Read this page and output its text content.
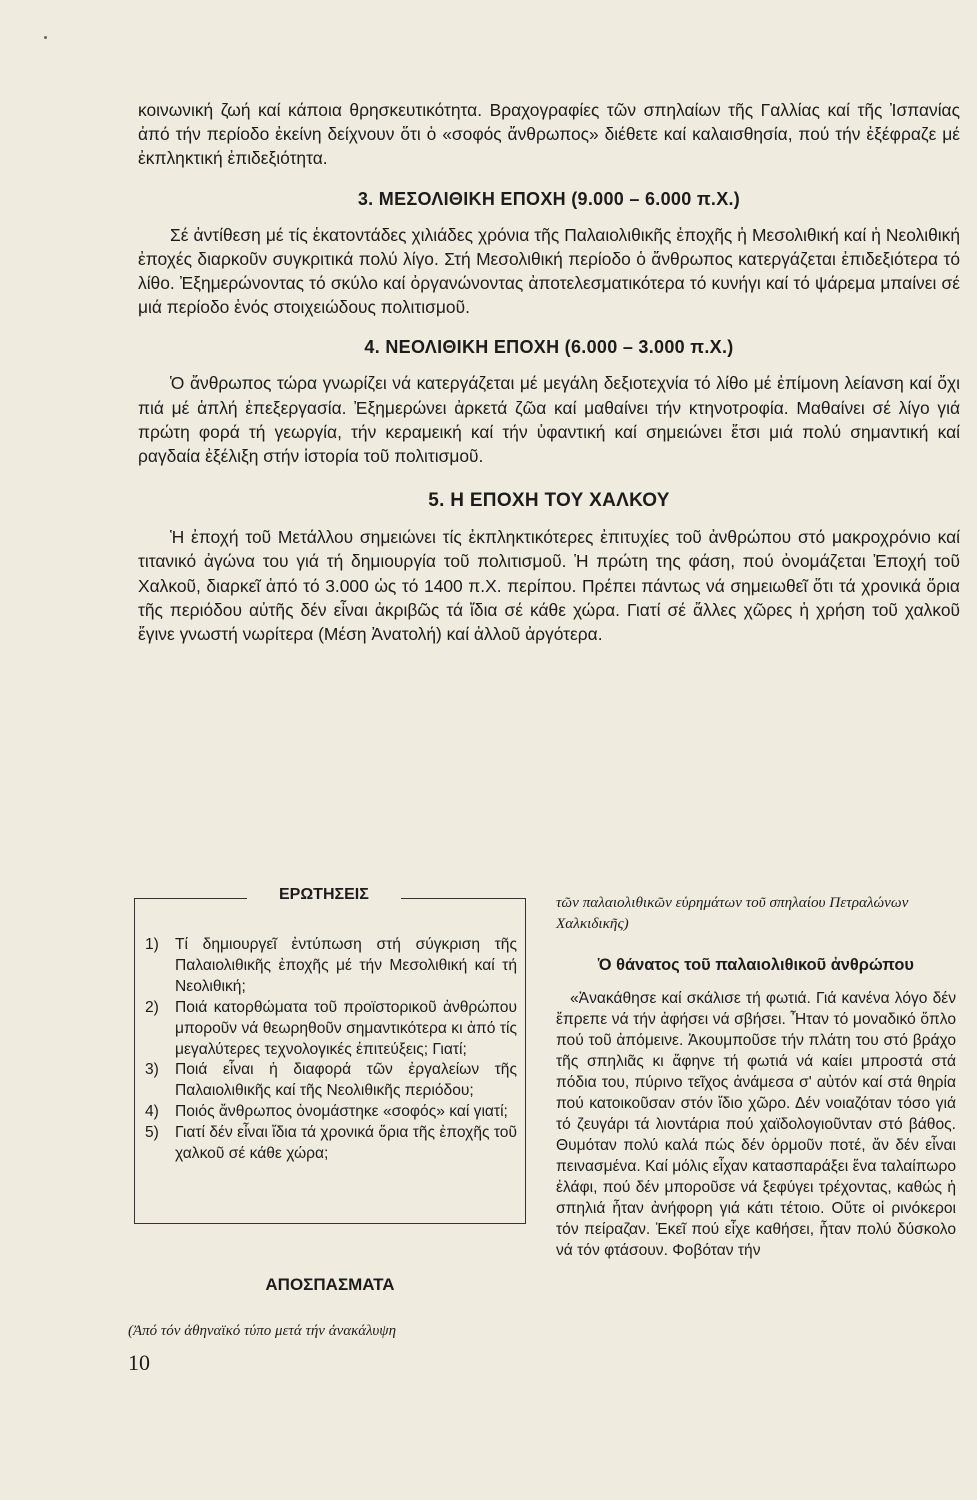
κοινωνική ζωή καί κάποια θρησκευτικότητα. Βραχογραφίες τῶν σπηλαίων τῆς Γαλλίας καί τῆς Ἰσπανίας ἀπό τήν περίοδο ἐκείνη δείχνουν ὅτι ὁ «σοφός ἄνθρωπος» διέθετε καί καλαισθησία, πού τήν ἐξέφραζε μέ ἐκπληκτική ἐπιδεξιότητα.

3. ΜΕΣΟΛΙΘΙΚΗ ΕΠΟΧΗ (9.000 – 6.000 π.Χ.)

Σέ ἀντίθεση μέ τίς ἑκατοντάδες χιλιάδες χρόνια τῆς Παλαιολιθικῆς ἐποχῆς ἡ Μεσολιθική καί ἡ Νεολιθική ἐποχές διαρκοῦν συγκριτικά πολύ λίγο. Στή Μεσολιθική περίοδο ὁ ἄνθρωπος κατεργάζεται ἐπιδεξιότερα τό λίθο. Ἐξημερώνοντας τό σκύλο καί ὀργανώνοντας ἀποτελεσματικότερα τό κυνήγι καί τό ψάρεμα μπαίνει σέ μιά περίοδο ἑνός στοιχειώδους πολιτισμοῦ.

4. ΝΕΟΛΙΘΙΚΗ ΕΠΟΧΗ (6.000 – 3.000 π.Χ.)

Ὁ ἄνθρωπος τώρα γνωρίζει νά κατεργάζεται μέ μεγάλη δεξιοτεχνία τό λίθο μέ ἐπίμονη λείανση καί ὄχι πιά μέ ἁπλή ἐπεξεργασία. Ἐξημερώνει ἀρκετά ζῶα καί μαθαίνει τήν κτηνοτροφία. Μαθαίνει σέ λίγο γιά πρώτη φορά τή γεωργία, τήν κεραμεική καί τήν ὑφαντική καί σημειώνει ἔτσι μιά πολύ σημαντική καί ραγδαία ἐξέλιξη στήν ἱστορία τοῦ πολιτισμοῦ.

5. Η ΕΠΟΧΗ ΤΟΥ ΧΑΛΚΟΥ

Ἡ ἐποχή τοῦ Μετάλλου σημειώνει τίς ἐκπληκτικότερες ἐπιτυχίες τοῦ ἀνθρώπου στό μακροχρόνιο καί τιτανικό ἀγώνα του γιά τή δημιουργία τοῦ πολιτισμοῦ. Ἡ πρώτη της φάση, πού ὀνομάζεται Ἐποχή τοῦ Χαλκοῦ, διαρκεῖ ἀπό τό 3.000 ὡς τό 1400 π.Χ. περίπου. Πρέπει πάντως νά σημειωθεῖ ὅτι τά χρονικά ὅρια τῆς περιόδου αὐτῆς δέν εἶναι ἀκριβῶς τά ἴδια σέ κάθε χώρα. Γιατί σέ ἄλλες χῶρες ἡ χρήση τοῦ χαλκοῦ ἔγινε γνωστή νωρίτερα (Μέση Ἀνατολή) καί ἀλλοῦ ἀργότερα.

ΕΡΩΤΗΣΕΙΣ
1)	Τί δημιουργεῖ ἐντύπωση στή σύγκριση τῆς Παλαιολιθικῆς ἐποχῆς μέ τήν Μεσολιθική καί τή Νεολιθική;
2)	Ποιά κατορθώματα τοῦ προϊστορικοῦ ἀνθρώπου μποροῦν νά θεωρηθοῦν σημαντικότερα κι ἀπό τίς μεγαλύτερες τεχνολογικές ἐπιτεύξεις; Γιατί;
3)	Ποιά εἶναι ἡ διαφορά τῶν ἐργαλείων τῆς Παλαιολιθικῆς καί τῆς Νεολιθικῆς περιόδου;
4)	Ποιός ἄνθρωπος ὀνομάστηκε «σοφός» καί γιατί;
5)	Γιατί δέν εἶναι ἴδια τά χρονικά ὅρια τῆς ἐποχῆς τοῦ χαλκοῦ σέ κάθε χώρα;
ΑΠΟΣΠΑΣΜΑΤΑ
(Ἀπό τόν ἀθηναϊκό τύπο μετά τήν ἀνακάλυψη
10

τῶν παλαιολιθικῶν εὑρημάτων τοῦ σπηλαίου Πετραλώνων Χαλκιδικῆς)

Ὁ θάνατος τοῦ παλαιολιθικοῦ ἀνθρώπου

«Ἀνακάθησε καί σκάλισε τή φωτιά. Γιά κανένα λόγο δέν ἔπρεπε νά τήν ἀφήσει νά σβήσει. Ἦταν τό μοναδικό ὅπλο πού τοῦ ἀπόμεινε. Ἀκουμποῦσε τήν πλάτη του στό βράχο τῆς σπηλιᾶς κι ἄφηνε τή φωτιά νά καίει μπροστά στά πόδια του, πύρινο τεῖχος ἀνάμεσα σ' αὐτόν καί στά θηρία πού κατοικοῦσαν στόν ἴδιο χῶρο. Δέν νοιαζόταν τόσο γιά τό ζευγάρι τά λιοντάρια πού χαϊδολογιοῦνταν στό βάθος. Θυμόταν πολύ καλά πώς δέν ὁρμοῦν ποτέ, ἄν δέν εἶναι πεινασμένα. Καί μόλις εἶχαν κατασπαράξει ἕνα ταλαίπωρο ἐλάφι, πού δέν μποροῦσε νά ξεφύγει τρέχοντας, καθώς ἡ σπηλιά ἦταν ἀνήφορη γιά κάτι τέτοιο. Οὔτε οἱ ρινόκεροι τόν πείραζαν. Ἐκεῖ πού εἶχε καθήσει, ἦταν πολύ δύσκολο νά τόν φτάσουν. Φοβόταν τήν
